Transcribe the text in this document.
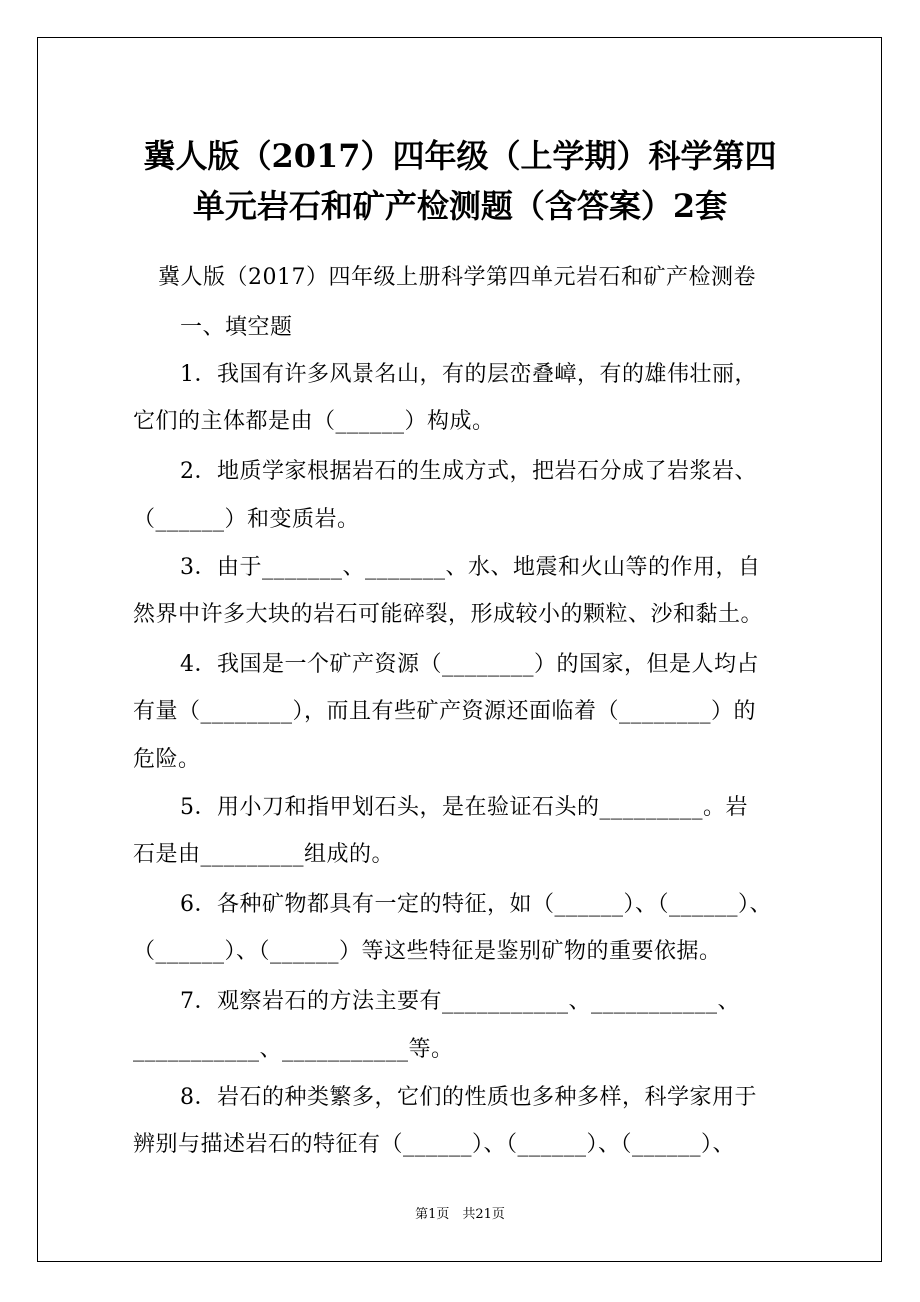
冀人版（2017）四年级（上学期）科学第四
单元岩石和矿产检测题（含答案）2套
冀人版（2017）四年级上册科学第四单元岩石和矿产检测卷
一、填空题
1．我国有许多风景名山，有的层峦叠嶂，有的雄伟壮丽，
它们的主体都是由（______）构成。
2．地质学家根据岩石的生成方式，把岩石分成了岩浆岩、
（______）和变质岩。
3．由于_______、_______、水、地震和火山等的作用，自
然界中许多大块的岩石可能碎裂，形成较小的颗粒、沙和黏土。
4．我国是一个矿产资源（________）的国家，但是人均占
有量（________），而且有些矿产资源还面临着（________）的
危险。
5．用小刀和指甲划石头，是在验证石头的_________。岩
石是由_________组成的。
6．各种矿物都具有一定的特征，如（______）、（______）、
（______）、（______）等这些特征是鉴别矿物的重要依据。
7．观察岩石的方法主要有___________、___________、
___________、___________等。
8．岩石的种类繁多，它们的性质也多种多样，科学家用于
辨别与描述岩石的特征有（______）、（______）、（______）、
第1页　共21页
